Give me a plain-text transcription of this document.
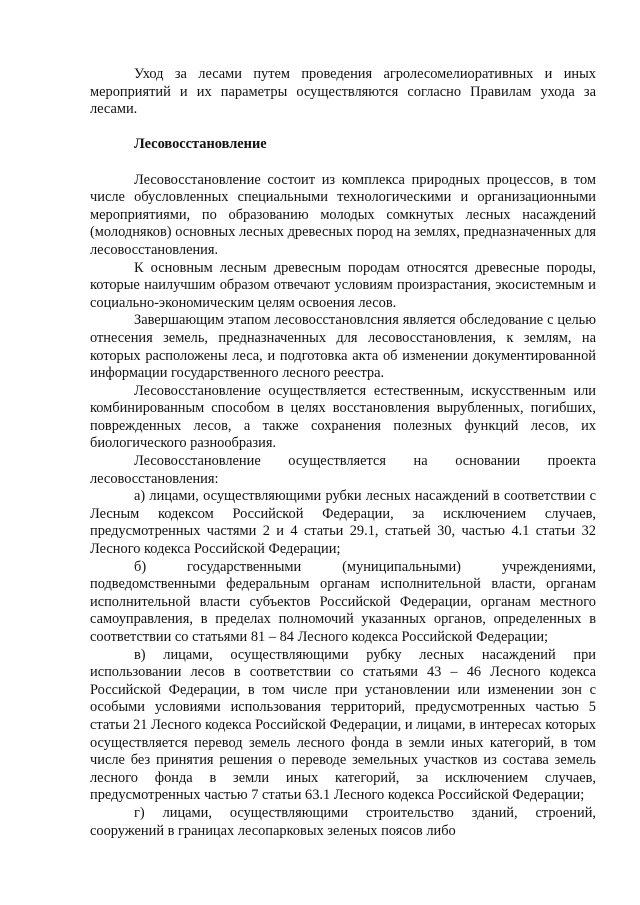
Уход за лесами путем проведения агролесомелиоративных и иных мероприятий и их параметры осуществляются согласно Правилам ухода за лесами.

Лесовосстановление

Лесовосстановление состоит из комплекса природных процессов, в том числе обусловленных специальными технологическими и организационными мероприятиями, по образованию молодых сомкнутых лесных насаждений (молодняков) основных лесных древесных пород на землях, предназначенных для лесовосстановления.

К основным лесным древесным породам относятся древесные породы, которые наилучшим образом отвечают условиям произрастания, экосистемным и социально-экономическим целям освоения лесов.

Завершающим этапом лесовосстановлсния является обследование с целью отнесения земель, предназначенных для лесовосстановления, к землям, на которых расположены леса, и подготовка акта об изменении документированной информации государственного лесного реестра.

Лесовосстановление осуществляется естественным, искусственным или комбинированным способом в целях восстановления вырубленных, погибших, поврежденных лесов, а также сохранения полезных функций лесов, их биологического разнообразия.

Лесовосстановление осуществляется на основании проекта лесовосстановления:

а) лицами, осуществляющими рубки лесных насаждений в соответствии с Лесным кодексом Российской Федерации, за исключением случаев, предусмотренных частями 2 и 4 статьи 29.1, статьей 30, частью 4.1 статьи 32 Лесного кодекса Российской Федерации;

б) государственными (муниципальными) учреждениями, подведомственными федеральным органам исполнительной власти, органам исполнительной власти субъектов Российской Федерации, органам местного самоуправления, в пределах полномочий указанных органов, определенных в соответствии со статьями 81 – 84 Лесного кодекса Российской Федерации;

в) лицами, осуществляющими рубку лесных насаждений при использовании лесов в соответствии со статьями 43 – 46 Лесного кодекса Российской Федерации, в том числе при установлении или изменении зон с особыми условиями использования территорий, предусмотренных частью 5 статьи 21 Лесного кодекса Российской Федерации, и лицами, в интересах которых осуществляется перевод земель лесного фонда в земли иных категорий, в том числе без принятия решения о переводе земельных участков из состава земель лесного фонда в земли иных категорий, за исключением случаев, предусмотренных частью 7 статьи 63.1 Лесного кодекса Российской Федерации;

г) лицами, осуществляющими строительство зданий, строений, сооружений в границах лесопарковых зеленых поясов либо
